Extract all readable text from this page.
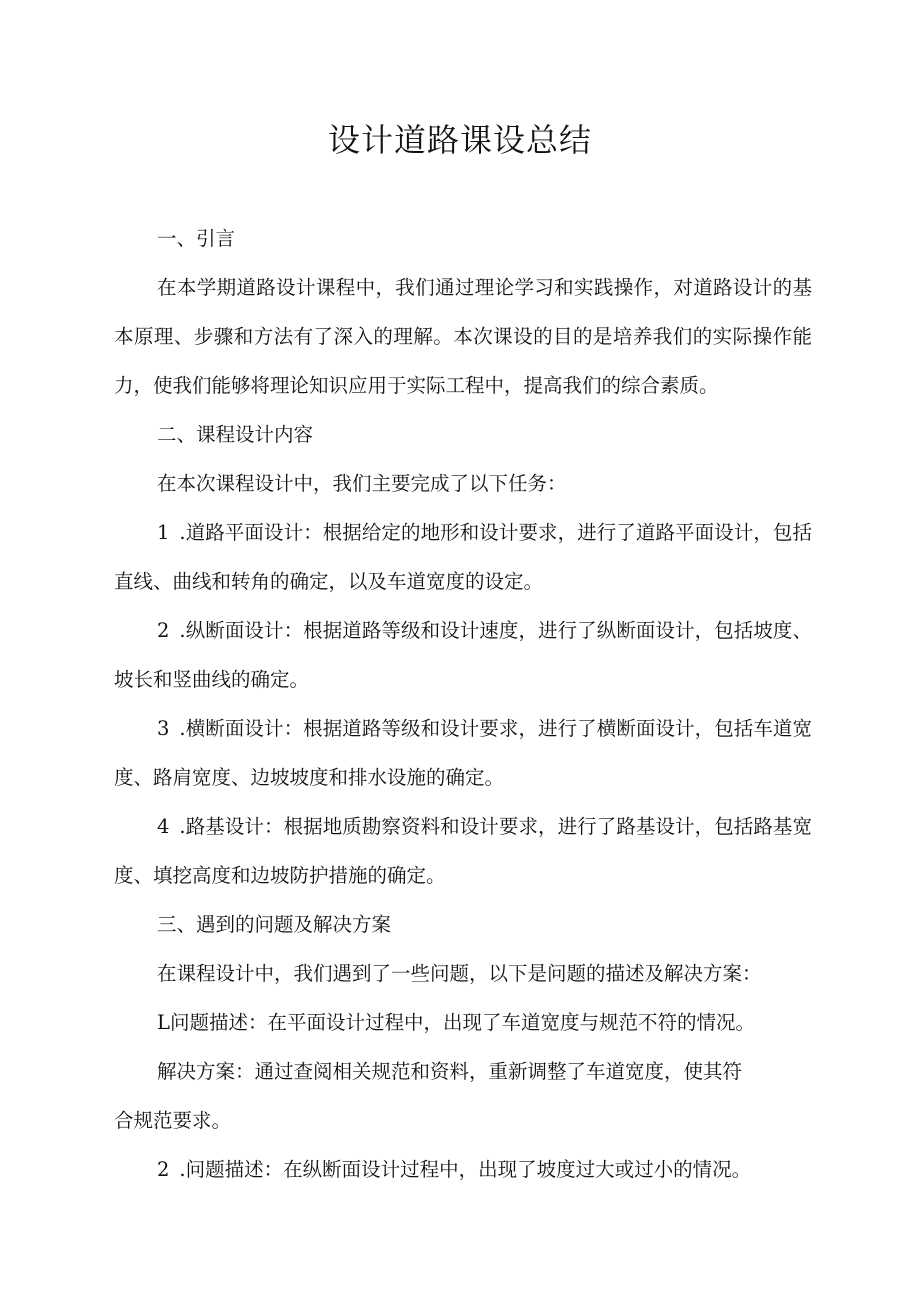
设计道路课设总结

一、引言

在本学期道路设计课程中，我们通过理论学习和实践操作，对道路设计的基本原理、步骤和方法有了深入的理解。本次课设的目的是培养我们的实际操作能力，使我们能够将理论知识应用于实际工程中，提高我们的综合素质。

二、课程设计内容

在本次课程设计中，我们主要完成了以下任务：

1 .道路平面设计：根据给定的地形和设计要求，进行了道路平面设计，包括直线、曲线和转角的确定，以及车道宽度的设定。

2 .纵断面设计：根据道路等级和设计速度，进行了纵断面设计，包括坡度、坡长和竖曲线的确定。

3 .横断面设计：根据道路等级和设计要求，进行了横断面设计，包括车道宽度、路肩宽度、边坡坡度和排水设施的确定。

4 .路基设计：根据地质勘察资料和设计要求，进行了路基设计，包括路基宽度、填挖高度和边坡防护措施的确定。

三、遇到的问题及解决方案

在课程设计中，我们遇到了一些问题，以下是问题的描述及解决方案：

L问题描述：在平面设计过程中，出现了车道宽度与规范不符的情况。

解决方案：通过查阅相关规范和资料，重新调整了车道宽度，使其符

合规范要求。

2 .问题描述：在纵断面设计过程中，出现了坡度过大或过小的情况。
